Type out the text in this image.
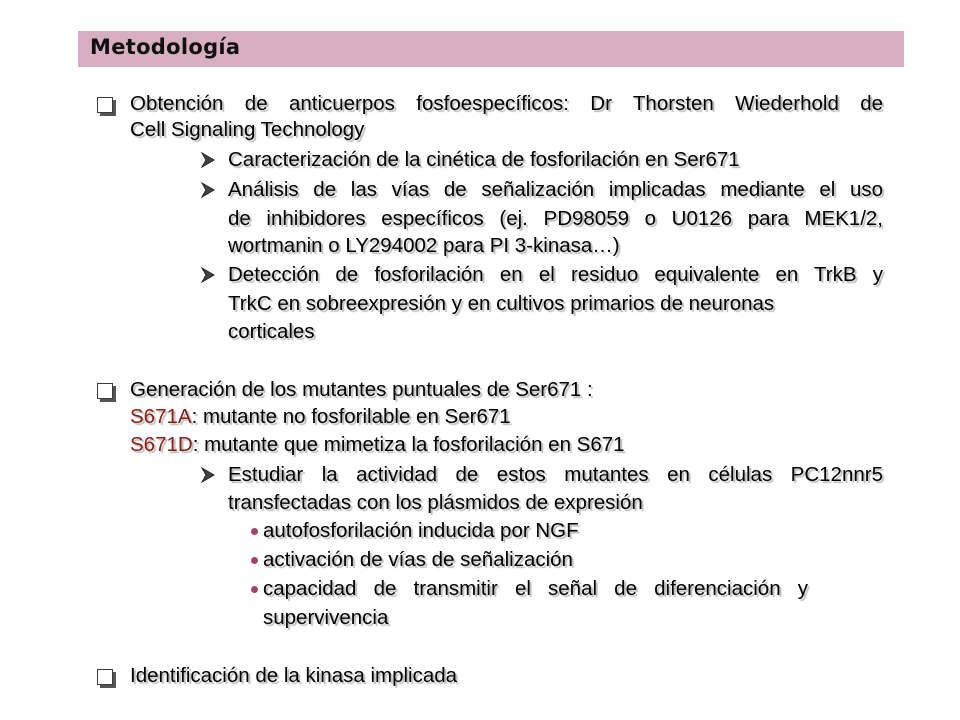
Metodología
Obtención de anticuerpos fosfoespecíficos: Dr Thorsten Wiederhold de
Cell Signaling Technology
Caracterización de la cinética de fosforilación en Ser671
Análisis de las vías de señalización implicadas mediante el uso
de inhibidores específicos (ej. PD98059 o U0126 para MEK1/2,
wortmanin o LY294002 para PI 3-kinasa…)
Detección de fosforilación en el residuo equivalente en TrkB y
TrkC en sobreexpresión y en cultivos primarios de neuronas
corticales
Generación de los mutantes puntuales de Ser671 :
S671A: mutante no fosforilable en Ser671
S671D: mutante que mimetiza la fosforilación en S671
Estudiar la actividad de estos mutantes en células PC12nnr5
transfectadas con los plásmidos de expresión
autofosforilación inducida por NGF
activación de vías de señalización
capacidad de transmitir el señal de diferenciación y
supervivencia
Identificación de la kinasa implicada
